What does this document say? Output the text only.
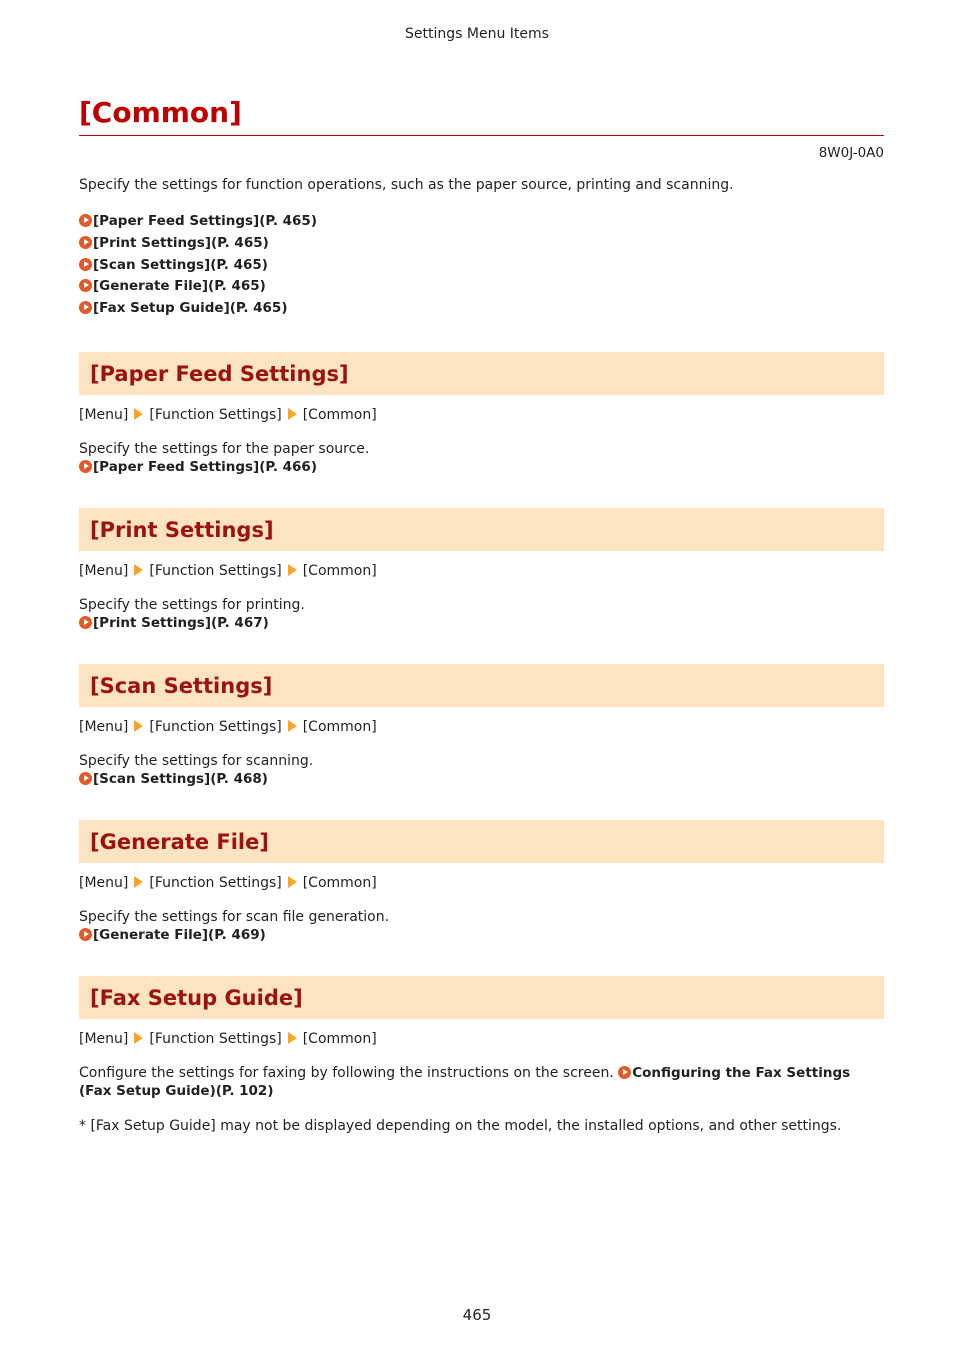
Settings Menu Items
[Common]
8W0J-0A0
Specify the settings for function operations, such as the paper source, printing and scanning.
[Paper Feed Settings](P. 465)
[Print Settings](P. 465)
[Scan Settings](P. 465)
[Generate File](P. 465)
[Fax Setup Guide](P. 465)
[Paper Feed Settings]
[Menu] [Function Settings] [Common]
Specify the settings for the paper source.
[Paper Feed Settings](P. 466)
[Print Settings]
[Menu] [Function Settings] [Common]
Specify the settings for printing.
[Print Settings](P. 467)
[Scan Settings]
[Menu] [Function Settings] [Common]
Specify the settings for scanning.
[Scan Settings](P. 468)
[Generate File]
[Menu] [Function Settings] [Common]
Specify the settings for scan file generation.
[Generate File](P. 469)
[Fax Setup Guide]
[Menu] [Function Settings] [Common]
Configure the settings for faxing by following the instructions on the screen. Configuring the Fax Settings (Fax Setup Guide)(P. 102)
* [Fax Setup Guide] may not be displayed depending on the model, the installed options, and other settings.
465
